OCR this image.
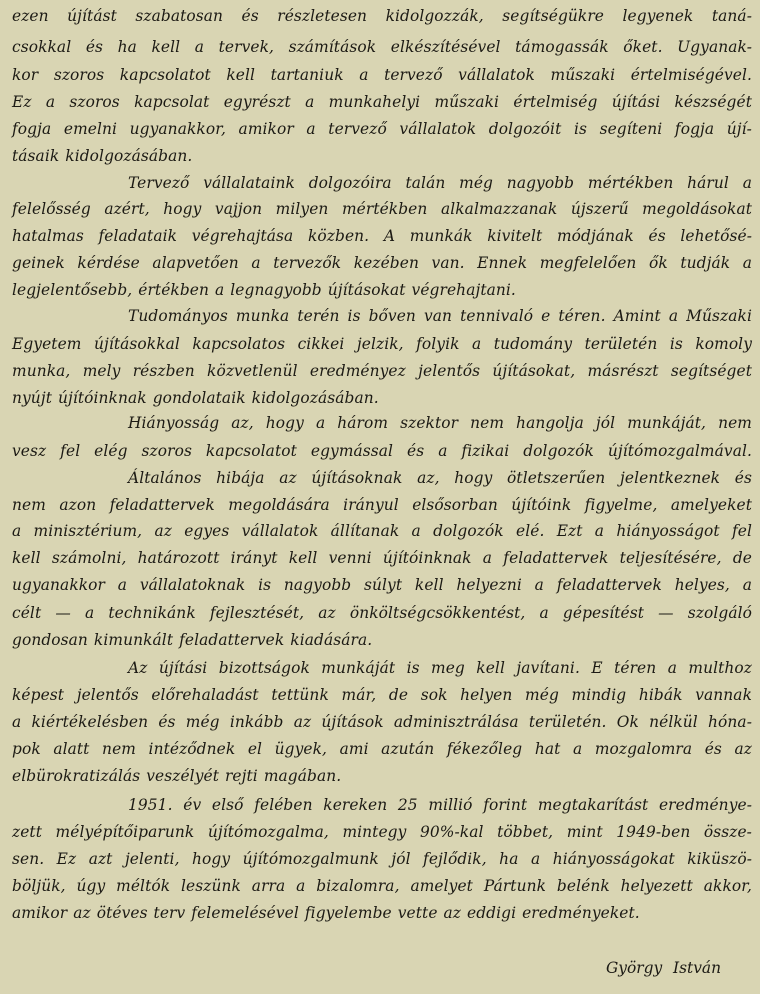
ezen újítást szabatosan és részletesen kidolgozzák, segítségükre legyenek taná-
csokkal és ha kell a tervek, számítások elkészítésével támogassák őket. Ugyanak-
kor szoros kapcsolatot kell tartaniuk a tervező vállalatok műszaki értelmiségével.
Ez a szoros kapcsolat egyrészt a munkahelyi műszaki értelmiség újítási készségét
fogja emelni ugyanakkor, amikor a tervező vállalatok dolgozóit is segíteni fogja újí-
tásaik kidolgozásában.
Tervező vállalataink dolgozóira talán még nagyobb mértékben hárul a
felelősség azért, hogy vajjon milyen mértékben alkalmazzanak újszerű megoldásokat
hatalmas feladataik végrehajtása közben. A munkák kivitelt módjának és lehetősé-
geinek kérdése alapvetően a tervezők kezében van. Ennek megfelelően ők tudják a
legjelentősebb, értékben a legnagyobb újításokat végrehajtani.
Tudományos munka terén is bőven van tennivaló e téren. Amint a Műszaki
Egyetem újításokkal kapcsolatos cikkei jelzik, folyik a tudomány területén is komoly
munka, mely részben közvetlenül eredményez jelentős újításokat, másrészt segítséget
nyújt újítóinknak gondolataik kidolgozásában.
Hiányosság az, hogy a három szektor nem hangolja jól munkáját, nem
vesz fel elég szoros kapcsolatot egymással és a fizikai dolgozók újítómozgalmával.
Általános hibája az újításoknak az, hogy ötletszerűen jelentkeznek és
nem azon feladattervek megoldására irányul elsősorban újítóink figyelme, amelyeket
a minisztérium, az egyes vállalatok állítanak a dolgozók elé. Ezt a hiányosságot fel
kell számolni, határozott irányt kell venni újítóinknak a feladattervek teljesítésére, de
ugyanakkor a vállalatoknak is nagyobb súlyt kell helyezni a feladattervek helyes, a
célt — a technikánk fejlesztését, az önköltségcsökkentést, a gépesítést — szolgáló
gondosan kimunkált feladattervek kiadására.
Az újítási bizottságok munkáját is meg kell javítani. E téren a multhoz
képest jelentős előrehaladást tettünk már, de sok helyen még mindig hibák vannak
a kiértékelésben és még inkább az újítások adminisztrálása területén. Ok nélkül hóna-
pok alatt nem intéződnek el ügyek, ami azután fékezőleg hat a mozgalomra és az
elbürokratizálás veszélyét rejti magában.
1951. év első felében kereken 25 millió forint megtakarítást eredménye-
zett mélyépítőiparunk újítómozgalma, mintegy 90%-kal többet, mint 1949-ben össze-
sen. Ez azt jelenti, hogy újítómozgalmunk jól fejlődik, ha a hiányosságokat kiküszö-
böljük, úgy méltók leszünk arra a bizalomra, amelyet Pártunk belénk helyezett akkor,
amikor az ötéves terv felemelésével figyelembe vette az eddigi eredményeket.
György István
